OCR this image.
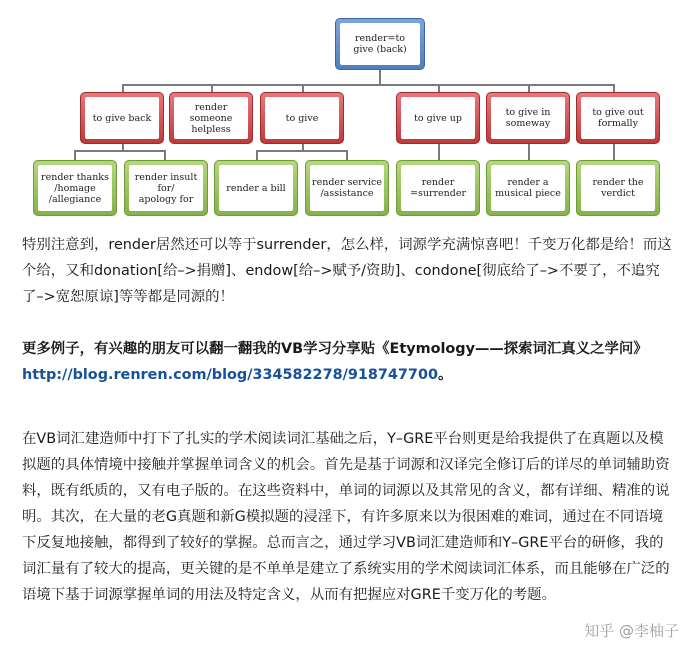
render=to
give (back)
to give back
render
someone
helpless
to give	to give up	to give in
someway
to give out
formally
render thanks
/homage
/allegiance
render insult
for/
apology for
render a bill	render service
/assistance
render
=surrender
render a
musical piece
render the
verdict

特别注意到，render居然还可以等于surrender，怎么样，词源学充满惊喜吧！千变万化都是给！而这个给，又和donation[给–>捐赠]、endow[给–>赋予/资助]、condone[彻底给了–>不要了，不追究了–>宽恕原谅]等等都是同源的！

更多例子，有兴趣的朋友可以翻一翻我的VB学习分享贴《Etymology——探索词汇真义之学问》http://blog.renren.com/blog/334582278/918747700。

在VB词汇建造师中打下了扎实的学术阅读词汇基础之后，Y–GRE平台则更是给我提供了在真题以及模拟题的具体情境中接触并掌握单词含义的机会。首先是基于词源和汉译完全修订后的详尽的单词辅助资料，既有纸质的，又有电子版的。在这些资料中，单词的词源以及其常见的含义，都有详细、精准的说明。其次，在大量的老G真题和新G模拟题的浸淫下，有许多原来以为很困难的难词，通过在不同语境下反复地接触，都得到了较好的掌握。总而言之，通过学习VB词汇建造师和Y–GRE平台的研修，我的词汇量有了较大的提高，更关键的是不单单是建立了系统实用的学术阅读词汇体系，而且能够在广泛的语境下基于词源掌握单词的用法及特定含义，从而有把握应对GRE千变万化的考题。

知乎 @李柚子
